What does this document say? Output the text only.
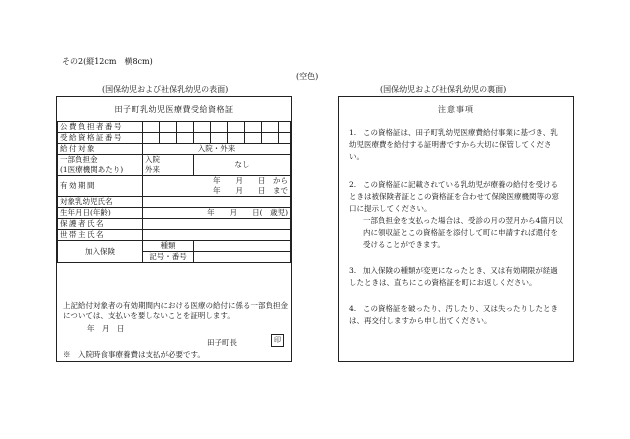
その2(縦12cm　横8cm)
(空色)
(国保幼児および社保乳幼児の表面)	(国保幼児および社保乳幼児の裏面)
田子町乳幼児医療費受給資格証
公費負担者番号									
受給資格証番号									
給付対象	入院・外来								

一部負担金
(1医療機関あたり)	入院
外来			なし					
有効期間	年　　月　　日　から
年　　月　　日　まで								

対象乳幼児氏名									
生年月日(年齢)	年　　月　　日(　歳児)								
保護者氏名									
世帯主氏名									
加入保険	種類								
	記号・番号								
上記給付対象者の有効期間内における医療の給付に係る一部負担金については、支払いを要しないことを証明します。
年　月　日
田子町長	印
※　入院時食事療養費は支払が必要です。
注意事項
1. この資格証は、田子町乳幼児医療費給付事業に基づき、乳幼児医療費を給付する証明書ですから大切に保管してください。
2. この資格証に記載されている乳幼児が療養の給付を受けるときは被保険者証とこの資格証を合わせて保険医療機関等の窓口に提示してください。
一部負担金を支払った場合は、受診の月の翌月から4箇月以内に領収証とこの資格証を添付して町に申請すれば還付を受けることができます。
3. 加入保険の種類が変更になったとき、又は有効期限が経過したときは、直ちにこの資格証を町にお返しください。
4. この資格証を破ったり、汚したり、又は失ったりしたときは、再交付しますから申し出てください。
